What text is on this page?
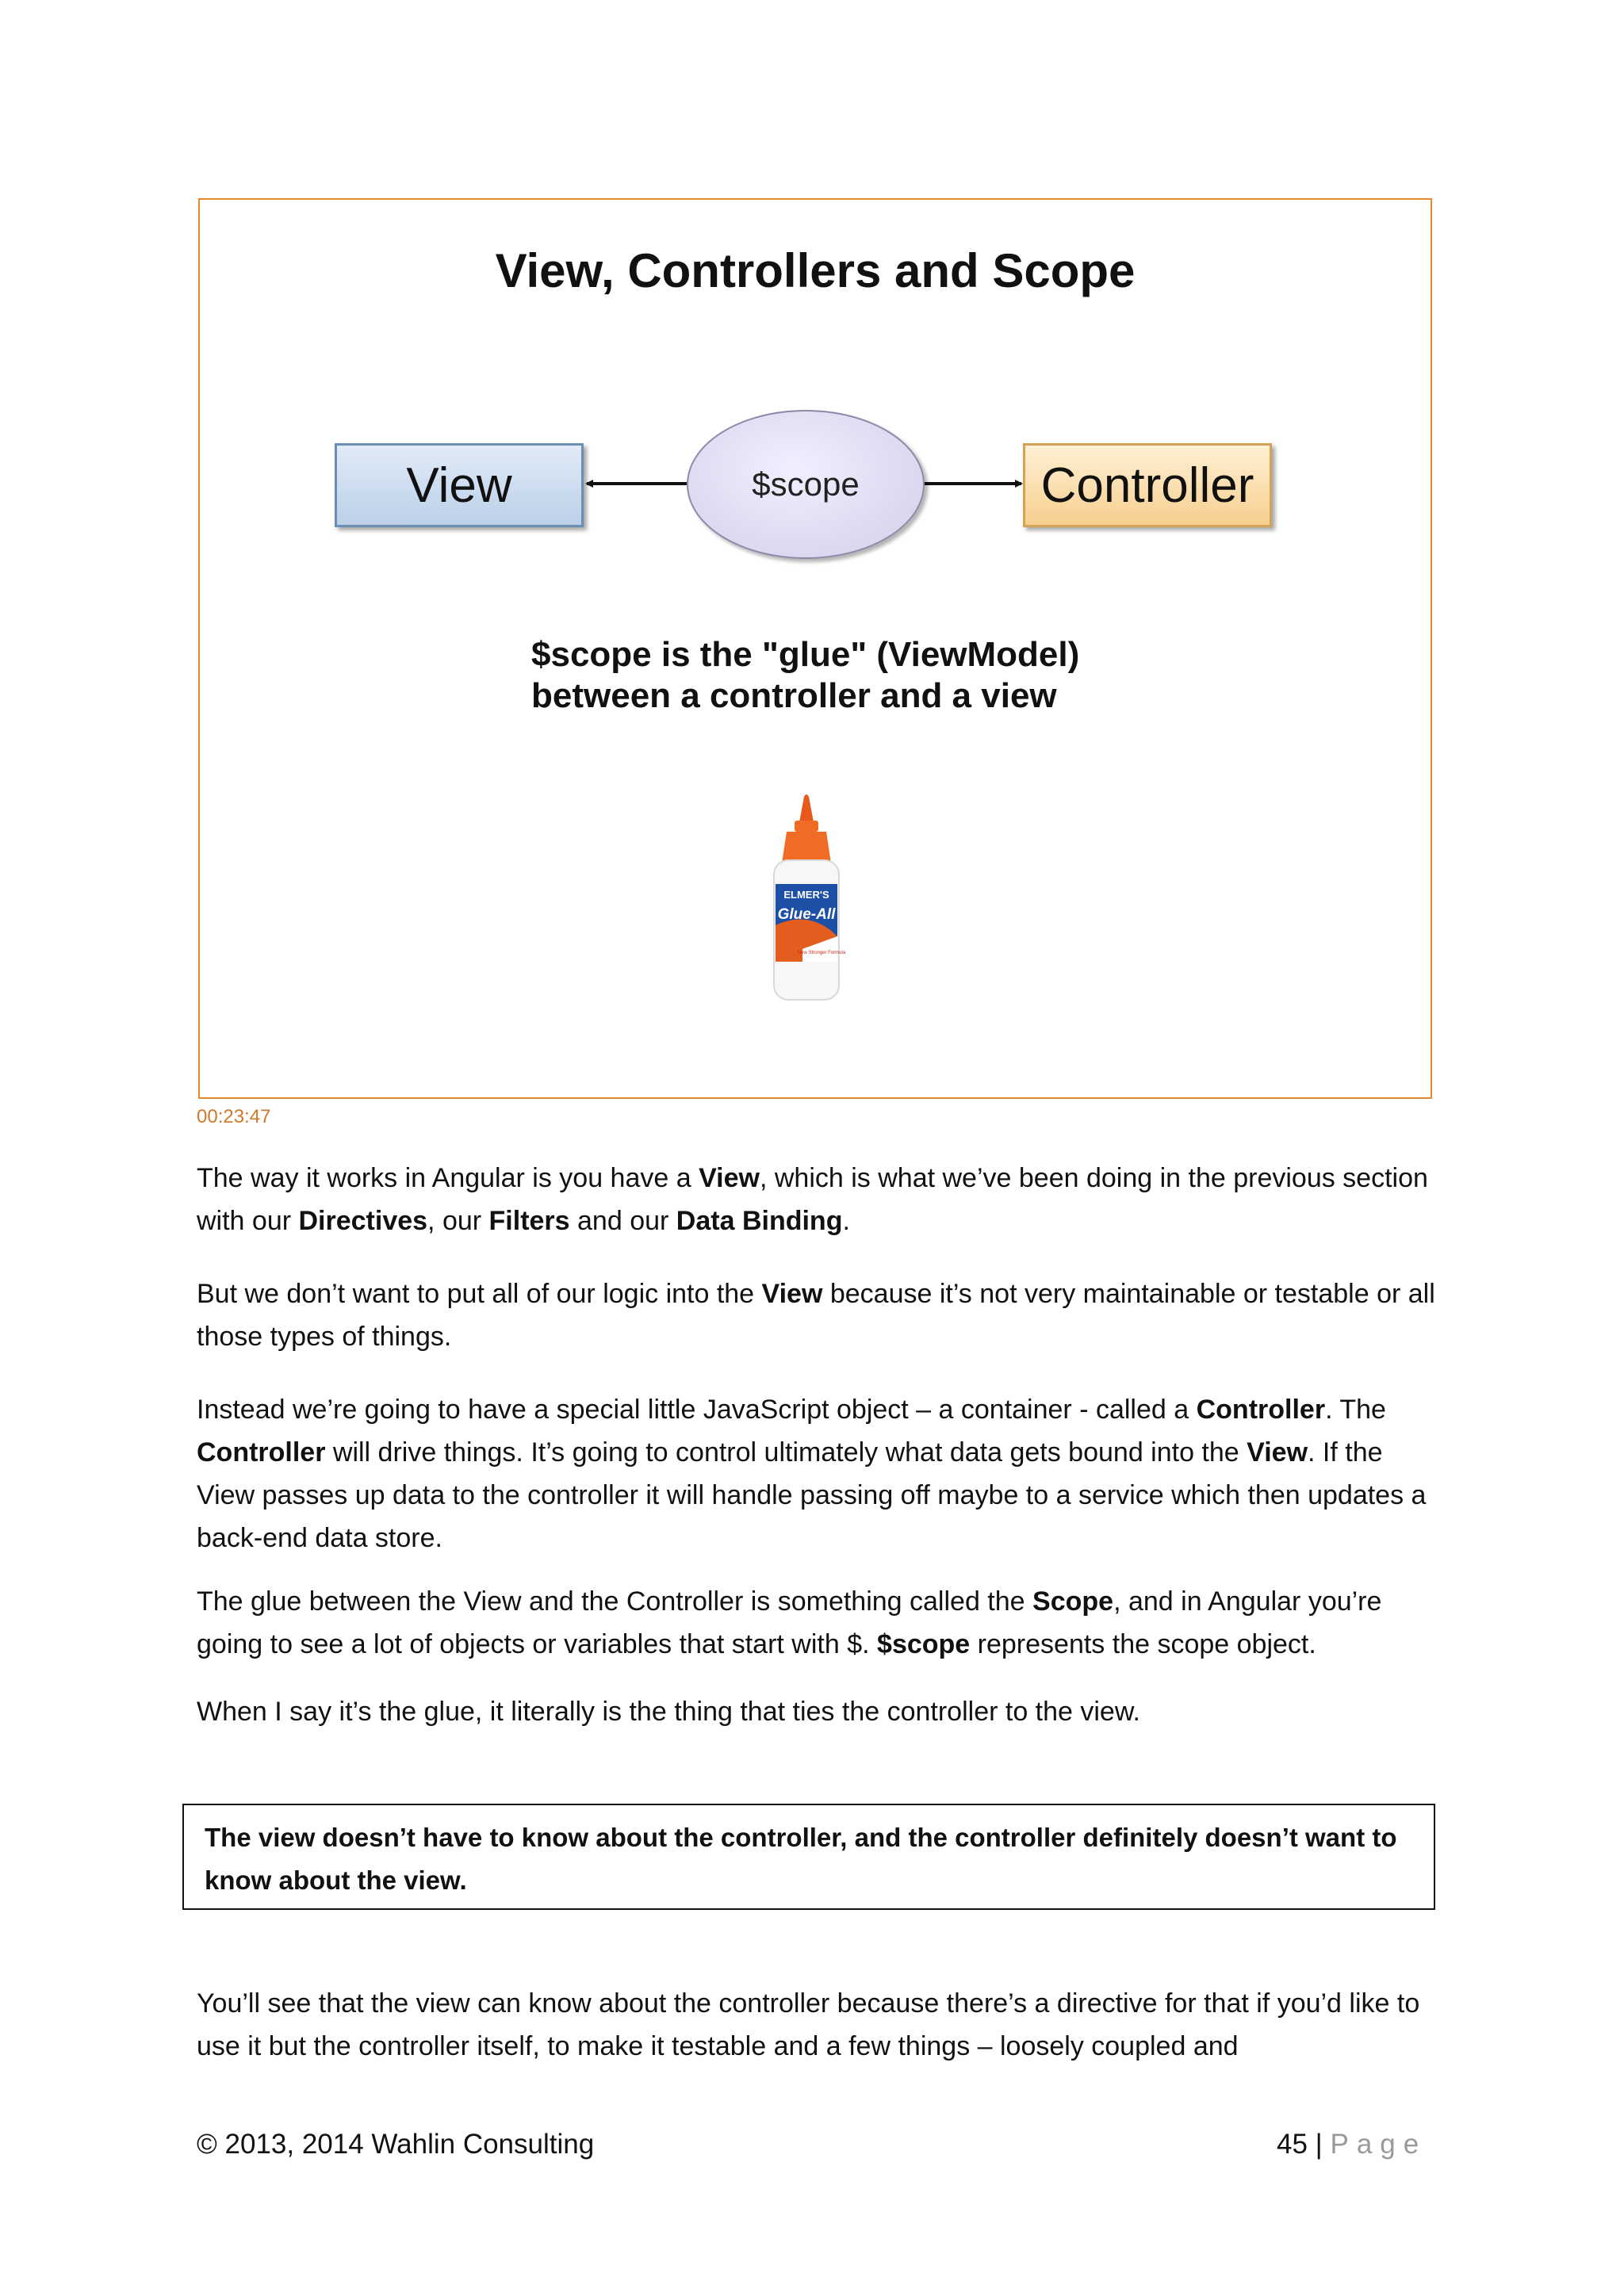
View, Controllers and Scope
View	$scope	Controller
$scope is the "glue" (ViewModel)
between a controller and a view
ELMER'S
Glue-All
New Stronger Formula
00:23:47

The way it works in Angular is you have a View, which is what we’ve been doing in the previous section with our Directives, our Filters and our Data Binding.

But we don’t want to put all of our logic into the View because it’s not very maintainable or testable or all those types of things.

Instead we’re going to have a special little JavaScript object – a container - called a Controller. The Controller will drive things. It’s going to control ultimately what data gets bound into the View. If the View passes up data to the controller it will handle passing off maybe to a service which then updates a back-end data store.

The glue between the View and the Controller is something called the Scope, and in Angular you’re going to see a lot of objects or variables that start with $. $scope represents the scope object.

When I say it’s the glue, it literally is the thing that ties the controller to the view.

The view doesn’t have to know about the controller, and the controller definitely doesn’t want to know about the view.

You’ll see that the view can know about the controller because there’s a directive for that if you’d like to use it but the controller itself, to make it testable and a few things – loosely coupled and

© 2013, 2014 Wahlin Consulting	45 | Page
